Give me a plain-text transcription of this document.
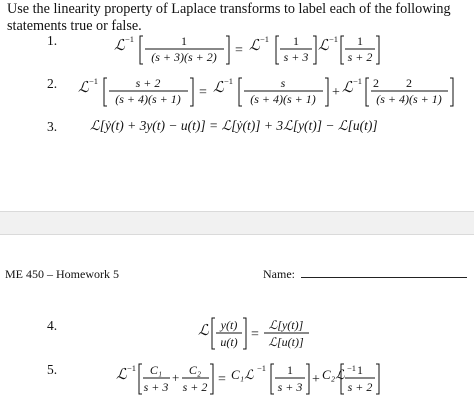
Use the linearity property of Laplace transforms to label each of the following statements true or false.
1.	ℒ −1	1
(s + 3)(s + 2) = ℒ −1 1
s + 3
ℒ −1 1
s + 2
2. ℒ −1	s + 2
(s + 4)(s + 1) = ℒ −1	s
(s + 4)(s + 1) + ℒ −1 2 2
(s + 4)(s + 1)
3. ℒ[ẏ(t) + 3y(t) − u(t)] = ℒ[ẏ(t)] + 3ℒ[y(t)] − ℒ[u(t)]
ME 450 – Homework 5	Name:
4.	ℒ y(t)
u(t) =
ℒ[y(t)]
ℒ[u(t)]
5.	ℒ −1 C₁
s + 3
+ C₂
s + 2 = C₁ℒ −1 1
s + 3 + C₂ℒ −1 1
s + 2
